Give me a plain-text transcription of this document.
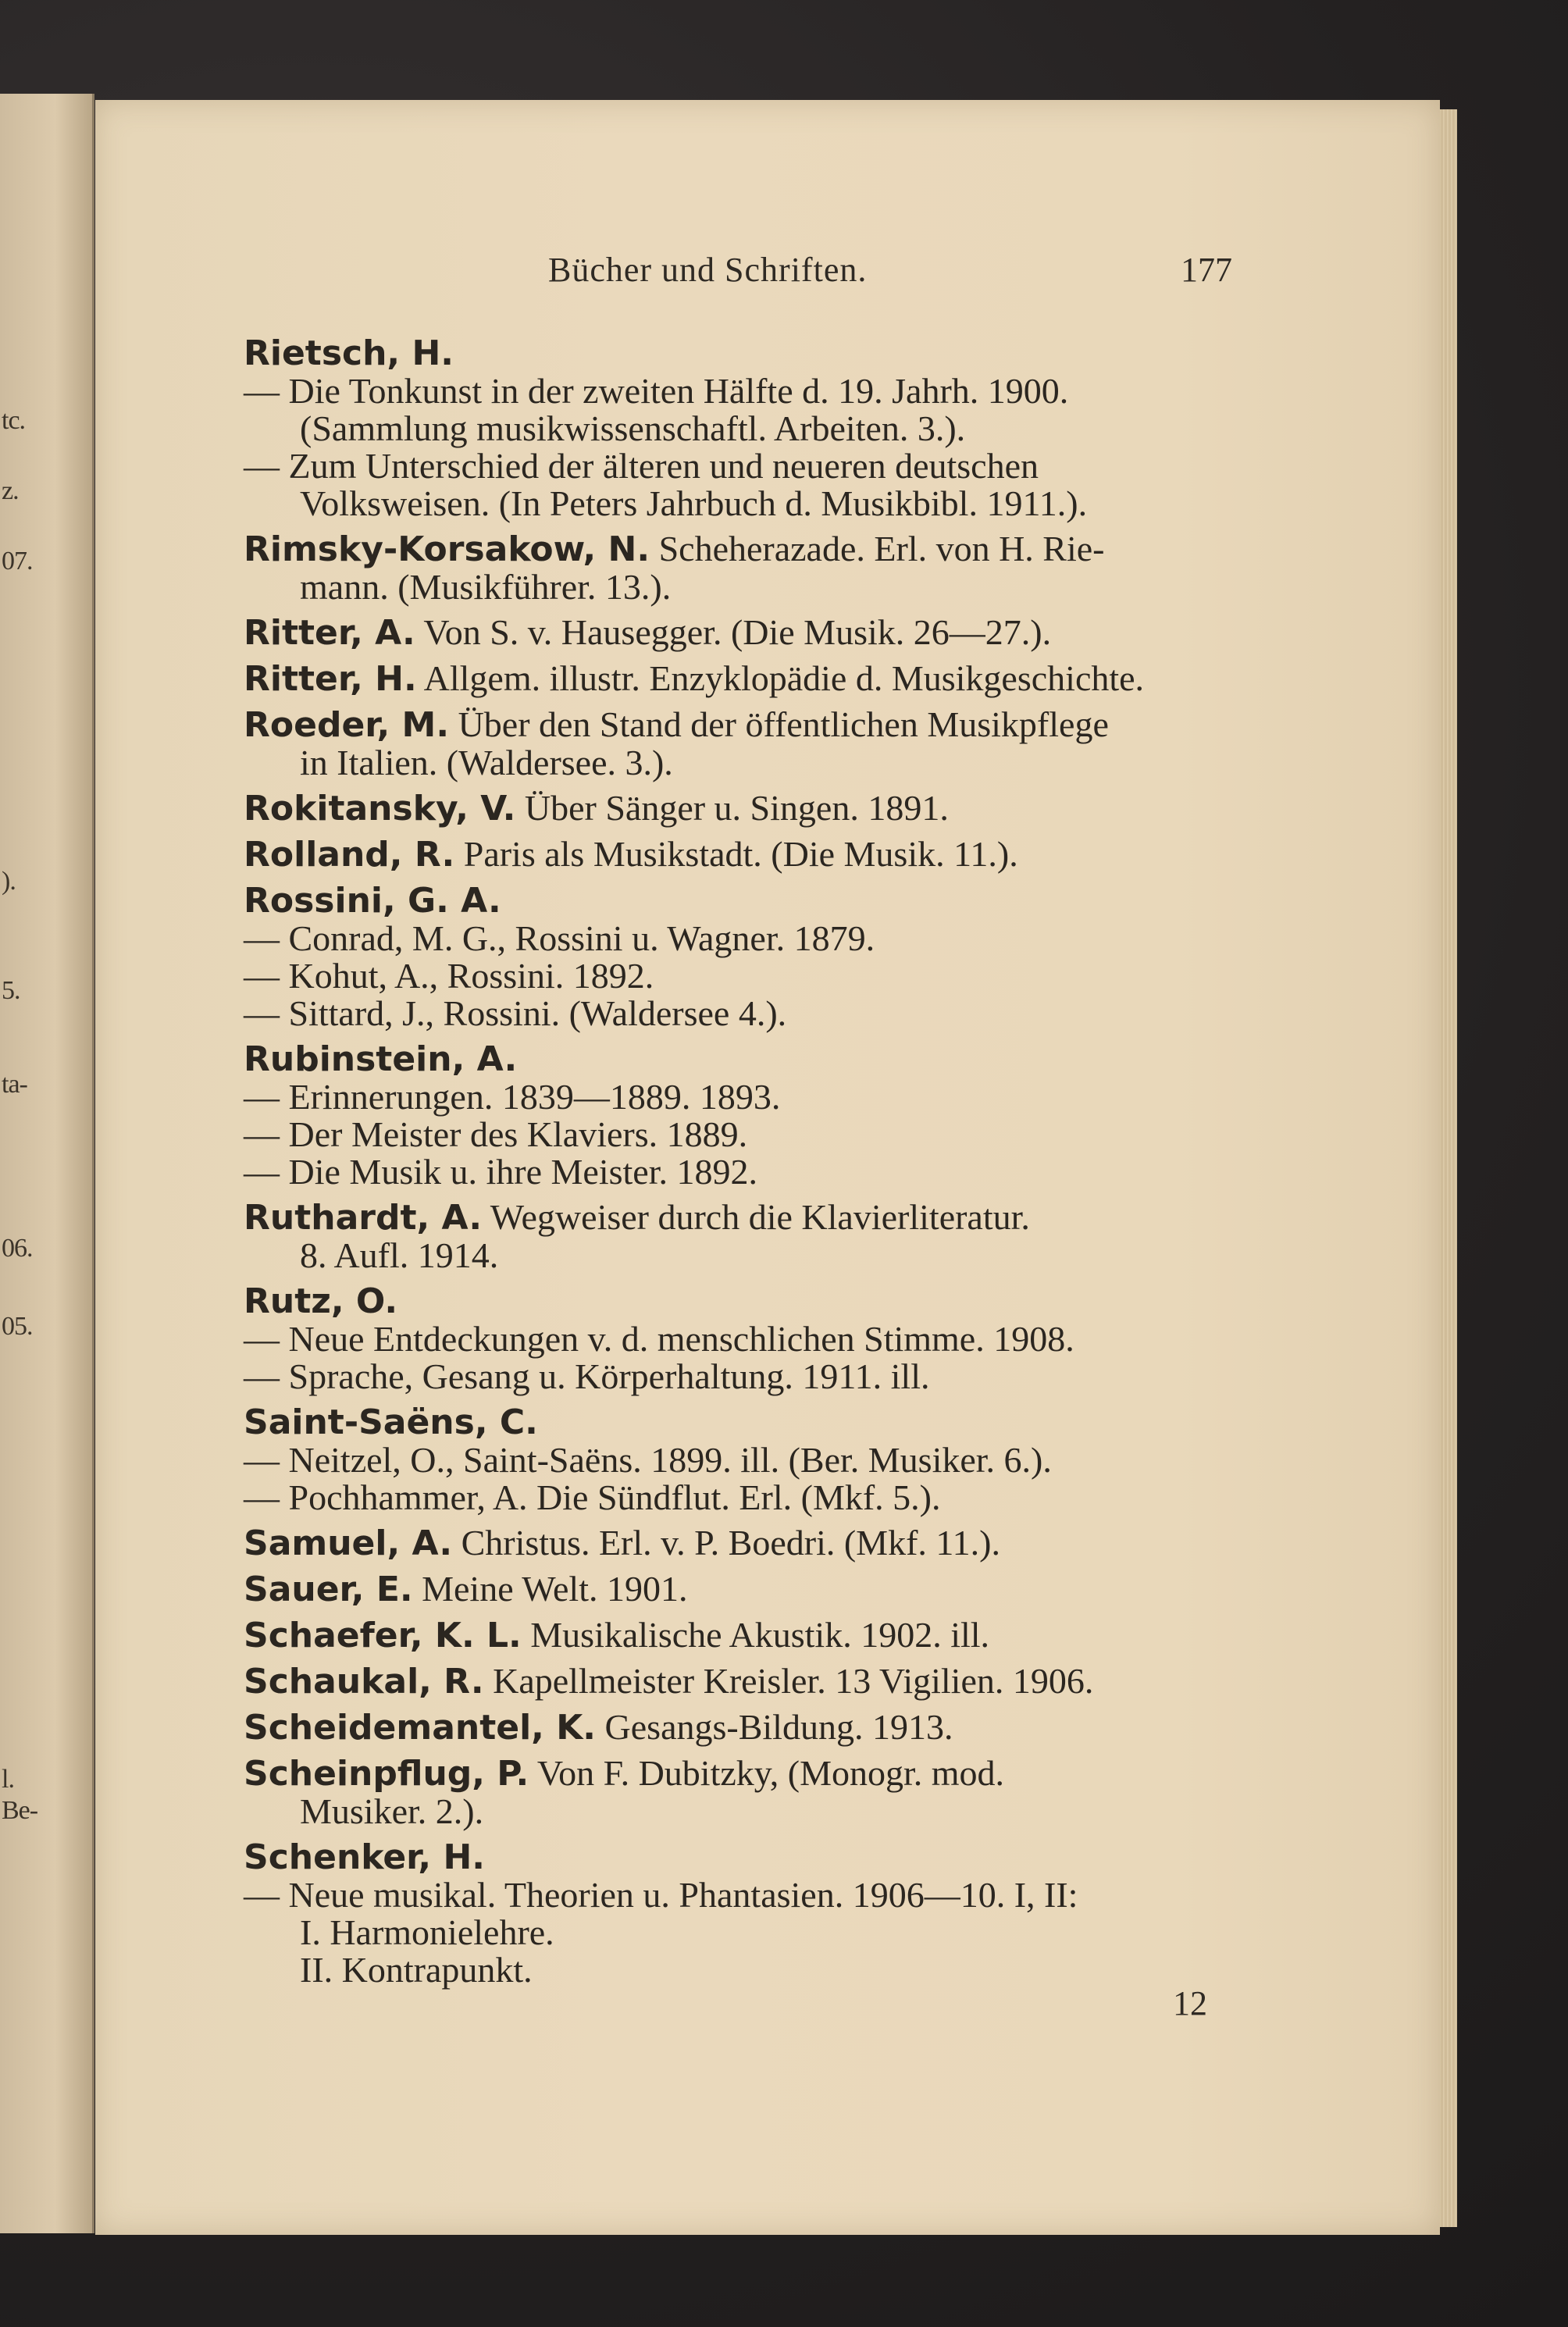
tc.
z.
07.
).
5.
ta-
06.
05.
l.
Be-
Bücher und Schriften.	177
Rietsch, H.
— Die Tonkunst in der zweiten Hälfte d. 19. Jahrh. 1900.
(Sammlung musikwissenschaftl. Arbeiten. 3.).
— Zum Unterschied der älteren und neueren deutschen
Volksweisen. (In Peters Jahrbuch d. Musikbibl. 1911.).
Rimsky-Korsakow, N. Scheherazade. Erl. von H. Rie-
mann. (Musikführer. 13.).
Ritter, A. Von S. v. Hausegger. (Die Musik. 26—27.).
Ritter, H. Allgem. illustr. Enzyklopädie d. Musikgeschichte.
Roeder, M. Über den Stand der öffentlichen Musikpflege
in Italien. (Waldersee. 3.).
Rokitansky, V. Über Sänger u. Singen. 1891.
Rolland, R. Paris als Musikstadt. (Die Musik. 11.).
Rossini, G. A.
— Conrad, M. G., Rossini u. Wagner. 1879.
— Kohut, A., Rossini. 1892.
— Sittard, J., Rossini. (Waldersee 4.).
Rubinstein, A.
— Erinnerungen. 1839—1889. 1893.
— Der Meister des Klaviers. 1889.
— Die Musik u. ihre Meister. 1892.
Ruthardt, A. Wegweiser durch die Klavierliteratur.
8. Aufl. 1914.
Rutz, O.
— Neue Entdeckungen v. d. menschlichen Stimme. 1908.
— Sprache, Gesang u. Körperhaltung. 1911. ill.
Saint-Saëns, C.
— Neitzel, O., Saint-Saëns. 1899. ill. (Ber. Musiker. 6.).
— Pochhammer, A. Die Sündflut. Erl. (Mkf. 5.).
Samuel, A. Christus. Erl. v. P. Boedri. (Mkf. 11.).
Sauer, E. Meine Welt. 1901.
Schaefer, K. L. Musikalische Akustik. 1902. ill.
Schaukal, R. Kapellmeister Kreisler. 13 Vigilien. 1906.
Scheidemantel, K. Gesangs-Bildung. 1913.
Scheinpflug, P. Von F. Dubitzky, (Monogr. mod.
Musiker. 2.).
Schenker, H.
— Neue musikal. Theorien u. Phantasien. 1906—10. I, II:
I. Harmonielehre.
II. Kontrapunkt.
12
